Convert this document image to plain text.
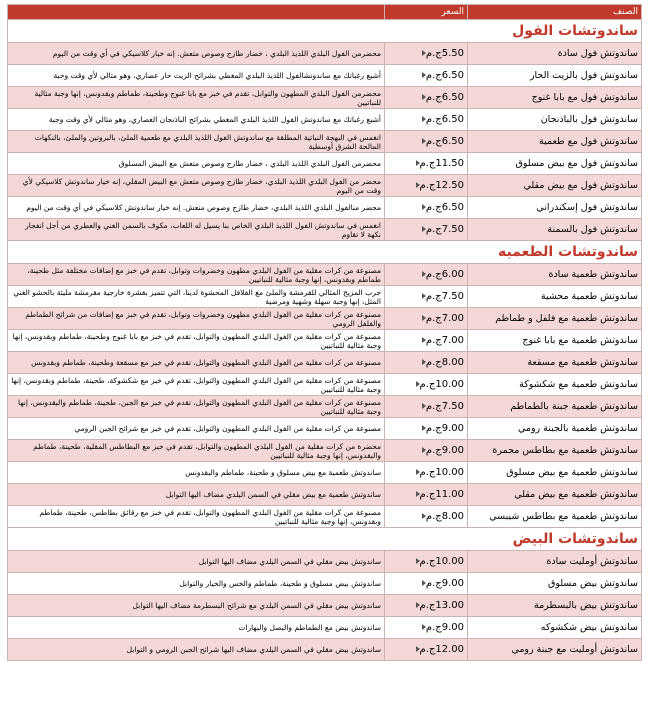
الصنف	السعر	

ساندوتشات الفول		

ساندوتش فول سادة	5.50ج.م	محضرمن الفول البلدي اللذيذ البلدي ، خضار طازج وصوص متعش. إنه خيار كلاسيكي في أي وقت من اليوم
ساندوتش فول بالزيت الحار	6.50ج.م	أشبع رغباتك مع ساندوتشالفول اللذيذ البلدي المغطي بشرائح الزيت حار عصاري، وهو مثالي لأي وقت وجبة
ساندوتش فول مع بابا غنوج	6.50ج.م	محضرمن الفول البلدي المطهون والتوابل، تقدم في خبز مع بابا غنوج وطحينة، طماطم وبقدونس، إنها وجبة مثالية للنباتيين
ساندوتش فول بالباذنجان	6.50ج.م	أشبع رغباتك مع ساندوتش الفول اللذيذ البلدي المغطي بشرائح الباذنجان العصاري، وهو مثالي لأي وقت وجبة
ساندوتش فول مع طعمية	6.50ج.م	انغمس في البهجة النباتية المطلقة مع ساندوتش الفول اللذيذ البلدي مع طعمية الملئ، بالبروتين والملئ، بالنكهات المالحة الشرق أوسطية
ساندوتش فول مع بيض مسلوق	11.50ج.م	محضرمن الفول البلدي اللذيذ البلدي ، خضار طازج وصوص متعش مع البيض المسلوق
ساندوتش فول مع بيض مقلي	12.50ج.م	محضر من الفول البلدي اللذيذ البلدي، خضار طازج وصوص متعش مع البيض المقلي، إنه خيار ساندوتش كلاسيكي لأي وقت من اليوم
ساندوتش فول إسكندراني	6.50ج.م	محضر منالفول البلدي اللذيذ البلدي، خضار طازج وصوص متعش. إنه خيار ساندوتش كلاسيكي في أي وقت من اليوم
ساندوتش فول بالسمنة	7.50ج.م	انغمس في ساندوتش الفول اللذيذ البلدي الخاص بنا يسيل له اللعاب، مكوف بالسمن الغني والعطري من أجل انفجار نكهة لا تقاوم

ساندوتشات الطعميه		

ساندوتش طعمية سادة	6.00ج.م	مصنوعة من كرات مقلية من الفول البلدي مطهون وخضروات وتوابل، تقدم في خبز مع إضافات مختلفة مثل طحينة، طماطم وبقدونس، إنها وجبة مثالية للنباتيين
ساندوتش طعمية محشية	7.50ج.م	جرب المزيج المثالي للقرمشة والملئ مع الفلافل المحشوة لدينا، التي تتميز بقشرة خارجية مقرمشة مليئة بالحشو الغني المثل، إنها وجبة سهلة وشهية ومرضية
ساندوتش طعمية مع فلفل و طماطم	7.00ج.م	مصنوعة من كرات مقلية من الفول البلدي مطهون وخضروات وتوابل، تقدم في خبز مع إضافات من شرائح الطماطم والفلفل الرومي
ساندوتش طعمية مع بابا غنوج	7.00ج.م	مصنوعة من كرات مقلية من الفول البلدي المطهون والتوابل، تقدم في خبز مع بابا غنوج وطحينة، طماطم وبقدونس، إنها وجبة مثالية للنباتيين
ساندوتش طعمية مع مسقعة	8.00ج.م	مصنوعة من كرات مقلية من الفول البلدي المطهون والتوابل، تقدم في خبز مع مسقعة وطحينة، طماطم وبقدونس
ساندوتش طعمية مع شكشوكة	10.00ج.م	مصنوعة من كرات مقلية من الفول البلدي المطهون والتوابل، تقدم في خبز مع شكشوكة، طحينة، طماطم وبقدونس، إنها وجبة مثالية للنباتيين
ساندوتش طعمية جبنة بالطماطم	7.50ج.م	مصنوعة من كرات مقلية من الفول البلدي المطهون والتوابل، تقدم في خبز مع الجبن، طحينة، طماطم والبقدونس، إنها وجبة مثالية للنباتيين
ساندوتش طعمية بالجبنة رومي	9.00ج.م	مصنوعة من كرات مقلية من الفول البلدي المطهون والتوابل، تقدم في خبز مع شرائح الجبن الرومي
ساندوتش طعمية مع بطاطس محمرة	9.00ج.م	محضرة من كرات مقلية من الفول البلدي المطهون والتوابل، تقدم في خبز مع البطاطس المقلية، طحينة، طماطم والبقدونس، إنها وجبة مثالية للنباتيين
ساندوتش طعمية مع بيض مسلوق	10.00ج.م	ساندوتش طعمية مع بيض مسلوق و طحينة، طماطم والبقدونس
ساندوتش طعمية مع بيض مقلي	11.00ج.م	ساندوتش طعمية مع بيض مقلي في السمن البلدي مضاف اليها التوابل
ساندوتش طعمية مع بطاطس شيبسي	8.00ج.م	مصنوعة من كرات مقلية من الفول البلدي المطهون والتوابل، تقدم في خبز مع رقائق بطاطس، طحينة، طماطم وبقدونس، إنها وجبة مثالية للنباتيين

ساندوتشات البيض		

ساندوتش أومليت سادة	10.00ج.م	ساندوتش بيض مقلي في السمن البلدي مضاف اليها التوابل
ساندوتش بيض مسلوق	9.00ج.م	ساندوتش بيض مسلوق و طحينة، طماطم والخس والخيار والتوابل
ساندوتش بيض بالبسطرمة	13.00ج.م	ساندوتش بيض مقلي في السمن البلدي مع شرائح البسطرمة مضاف اليها التوابل
ساندوتش بيض شكشوكه	9.00ج.م	ساندوتش بيض مع الطماطم والبصل والبهارات
ساندوتش أومليت مع جبنة رومي	12.00ج.م	ساندوتش بيض مقلي في السمن البلدي مضاف اليها شرائح الجبن الرومي و التوابل
